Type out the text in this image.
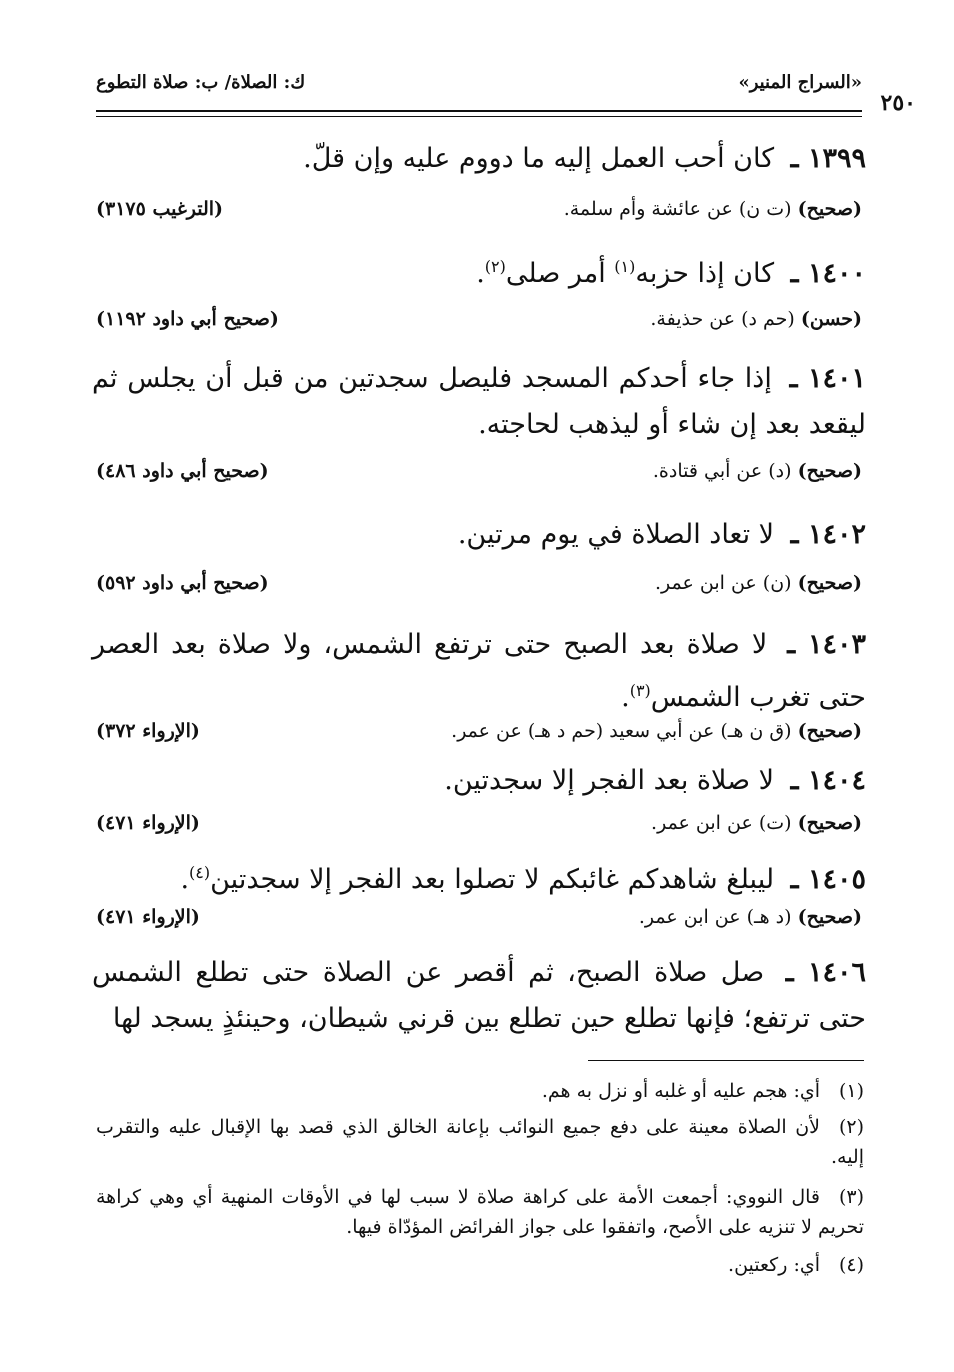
«السراج المنير»
ك: الصلاة/ ب: صلاة التطوع
٢٥٠
١٣٩٩ ـ كان أحب العمل إليه ما دووم عليه وإن قلّ.
(صحيح) (ت ن) عن عائشة وأم سلمة.
(الترغيب ٣١٧٥)
١٤٠٠ ـ كان إذا حزبه$^{(١)}$ أمر صلى$^{(٢)}$.
(حسن) (حم د) عن حذيفة.
(صحيح أبي داود ١١٩٢)
١٤٠١ ـ إذا جاء أحدكم المسجد فليصل سجدتين من قبل أن يجلس ثم ليقعد بعد إن شاء أو ليذهب لحاجته.
(صحيح) (د) عن أبي قتادة.
(صحيح أبي داود ٤٨٦)
١٤٠٢ ـ لا تعاد الصلاة في يوم مرتين.
(صحيح) (ن) عن ابن عمر.
(صحيح أبي داود ٥٩٢)
١٤٠٣ ـ لا صلاة بعد الصبح حتى ترتفع الشمس، ولا صلاة بعد العصر حتى تغرب الشمس$^{(٣)}$.
(صحيح) (ق ن هـ) عن أبي سعيد (حم د هـ) عن عمر.
(الإرواء ٣٧٢)
١٤٠٤ ـ لا صلاة بعد الفجر إلا سجدتين.
(صحيح) (ت) عن ابن عمر.
(الإرواء ٤٧١)
١٤٠٥ ـ ليبلغ شاهدكم غائبكم لا تصلوا بعد الفجر إلا سجدتين$^{(٤)}$.
(صحيح) (د هـ) عن ابن عمر.
(الإرواء ٤٧١)
١٤٠٦ ـ صل صلاة الصبح، ثم أقصر عن الصلاة حتى تطلع الشمس حتى ترتفع؛ فإنها تطلع حين تطلع بين قرني شيطان، وحينئذٍ يسجد لها
(١)أي: هجم عليه أو غلبه أو نزل به هم.
(٢)لأن الصلاة معينة على دفع جميع النوائب بإعانة الخالق الذي قصد بها الإقبال عليه والتقرب إليه.
(٣)قال النووي: أجمعت الأمة على كراهة صلاة لا سبب لها في الأوقات المنهية أي وهي كراهة تحريم لا تنزيه على الأصح، واتفقوا على جواز الفرائض المؤدّاة فيها.
(٤)أي: ركعتين.
